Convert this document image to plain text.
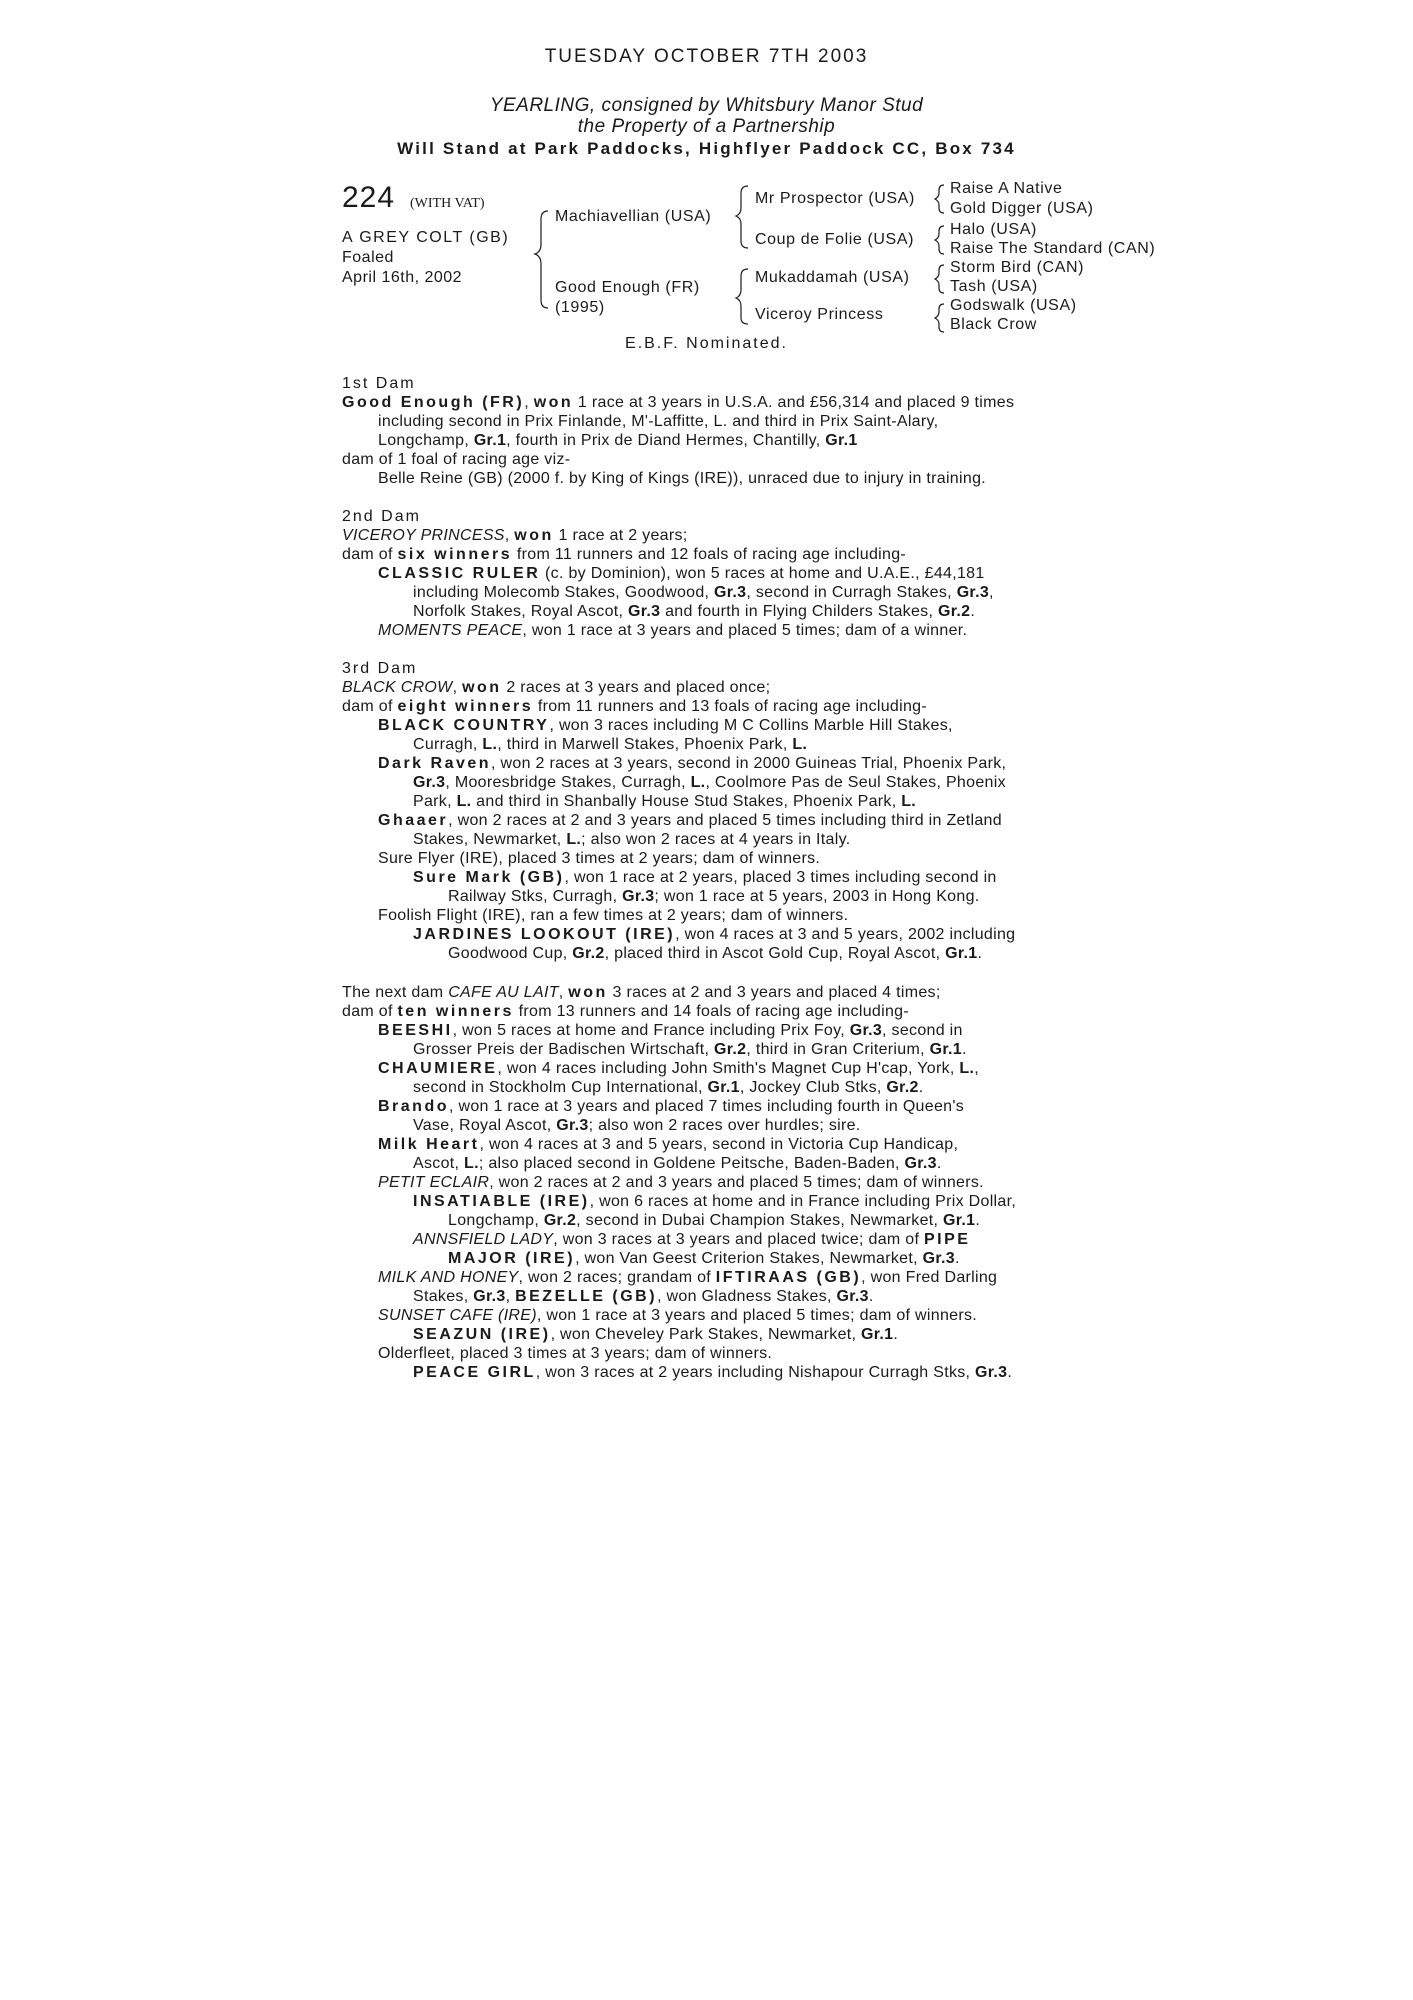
TUESDAY OCTOBER 7TH 2003
YEARLING, consigned by Whitsbury Manor Stud
the Property of a Partnership
Will Stand at Park Paddocks, Highflyer Paddock CC, Box 734
224 (WITH VAT)
A GREY COLT (GB)
Foaled
April 16th, 2002
Machiavellian (USA)
Good Enough (FR)
(1995)
Mr Prospector (USA)
Coup de Folie (USA)
Mukaddamah (USA)
Viceroy Princess
Raise A Native
Gold Digger (USA)
Halo (USA)
Raise The Standard (CAN)
Storm Bird (CAN)
Tash (USA)
Godswalk (USA)
Black Crow
E.B.F. Nominated.
1st Dam
Good Enough (FR), won 1 race at 3 years in U.S.A. and £56,314 and placed 9 times
including second in Prix Finlande, M'-Laffitte, L. and third in Prix Saint-Alary,
Longchamp, Gr.1, fourth in Prix de Diand Hermes, Chantilly, Gr.1
dam of 1 foal of racing age viz-
Belle Reine (GB) (2000 f. by King of Kings (IRE)), unraced due to injury in training.
2nd Dam
VICEROY PRINCESS, won 1 race at 2 years;
dam of six winners from 11 runners and 12 foals of racing age including-
CLASSIC RULER (c. by Dominion), won 5 races at home and U.A.E., £44,181
including Molecomb Stakes, Goodwood, Gr.3, second in Curragh Stakes, Gr.3,
Norfolk Stakes, Royal Ascot, Gr.3 and fourth in Flying Childers Stakes, Gr.2.
MOMENTS PEACE, won 1 race at 3 years and placed 5 times; dam of a winner.
3rd Dam
BLACK CROW, won 2 races at 3 years and placed once;
dam of eight winners from 11 runners and 13 foals of racing age including-
BLACK COUNTRY, won 3 races including M C Collins Marble Hill Stakes,
Curragh, L., third in Marwell Stakes, Phoenix Park, L.
Dark Raven, won 2 races at 3 years, second in 2000 Guineas Trial, Phoenix Park,
Gr.3, Mooresbridge Stakes, Curragh, L., Coolmore Pas de Seul Stakes, Phoenix
Park, L. and third in Shanbally House Stud Stakes, Phoenix Park, L.
Ghaaer, won 2 races at 2 and 3 years and placed 5 times including third in Zetland
Stakes, Newmarket, L.; also won 2 races at 4 years in Italy.
Sure Flyer (IRE), placed 3 times at 2 years; dam of winners.
Sure Mark (GB), won 1 race at 2 years, placed 3 times including second in
Railway Stks, Curragh, Gr.3; won 1 race at 5 years, 2003 in Hong Kong.
Foolish Flight (IRE), ran a few times at 2 years; dam of winners.
JARDINES LOOKOUT (IRE), won 4 races at 3 and 5 years, 2002 including
Goodwood Cup, Gr.2, placed third in Ascot Gold Cup, Royal Ascot, Gr.1.
The next dam CAFE AU LAIT, won 3 races at 2 and 3 years and placed 4 times;
dam of ten winners from 13 runners and 14 foals of racing age including-
BEESHI, won 5 races at home and France including Prix Foy, Gr.3, second in
Grosser Preis der Badischen Wirtschaft, Gr.2, third in Gran Criterium, Gr.1.
CHAUMIERE, won 4 races including John Smith's Magnet Cup H'cap, York, L.,
second in Stockholm Cup International, Gr.1, Jockey Club Stks, Gr.2.
Brando, won 1 race at 3 years and placed 7 times including fourth in Queen's
Vase, Royal Ascot, Gr.3; also won 2 races over hurdles; sire.
Milk Heart, won 4 races at 3 and 5 years, second in Victoria Cup Handicap,
Ascot, L.; also placed second in Goldene Peitsche, Baden-Baden, Gr.3.
PETIT ECLAIR, won 2 races at 2 and 3 years and placed 5 times; dam of winners.
INSATIABLE (IRE), won 6 races at home and in France including Prix Dollar,
Longchamp, Gr.2, second in Dubai Champion Stakes, Newmarket, Gr.1.
ANNSFIELD LADY, won 3 races at 3 years and placed twice; dam of PIPE
MAJOR (IRE), won Van Geest Criterion Stakes, Newmarket, Gr.3.
MILK AND HONEY, won 2 races; grandam of IFTIRAAS (GB), won Fred Darling
Stakes, Gr.3, BEZELLE (GB), won Gladness Stakes, Gr.3.
SUNSET CAFE (IRE), won 1 race at 3 years and placed 5 times; dam of winners.
SEAZUN (IRE), won Cheveley Park Stakes, Newmarket, Gr.1.
Olderfleet, placed 3 times at 3 years; dam of winners.
PEACE GIRL, won 3 races at 2 years including Nishapour Curragh Stks, Gr.3.
